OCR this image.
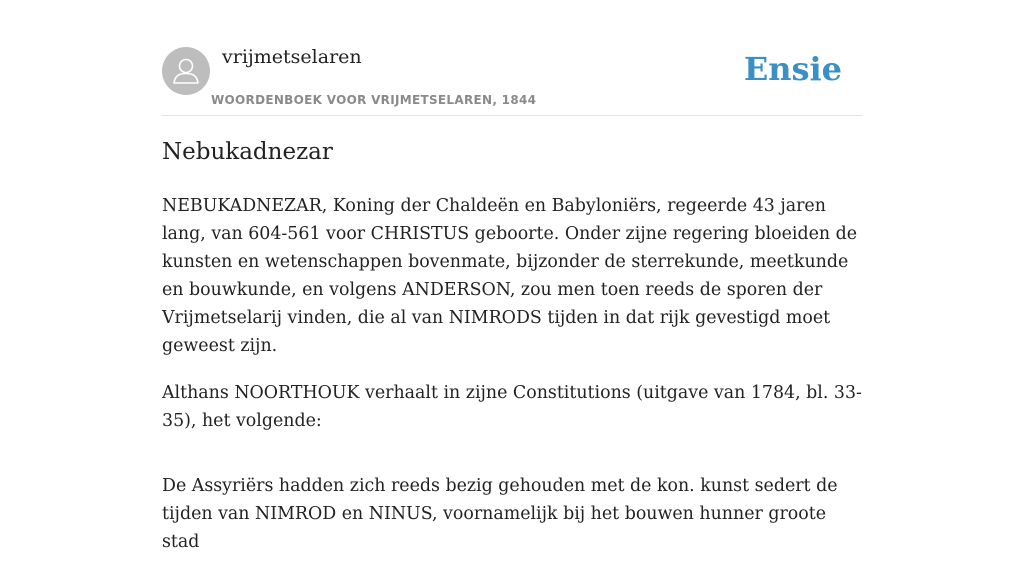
vrijmetselaren
WOORDENBOEK VOOR VRIJMETSELAREN, 1844
Ensie
Nebukadnezar

NEBUKADNEZAR, Koning der Chaldeën en Babyloniërs, regeerde 43 jaren lang, van 604-561 voor CHRISTUS geboorte. Onder zijne regering bloeiden de kunsten en wetenschappen bovenmate, bijzonder de sterrekunde, meetkunde en bouwkunde, en volgens ANDERSON, zou men toen reeds de sporen der Vrijmetselarij vinden, die al van NIMRODS tijden in dat rijk gevestigd moet geweest zijn.

Althans NOORTHOUK verhaalt in zijne Constitutions (uitgave van 1784, bl. 33-35), het volgende:

De Assyriërs hadden zich reeds bezig gehouden met de kon. kunst sedert de tijden van NIMROD en NINUS, voornamelijk bij het bouwen hunner groote stad
